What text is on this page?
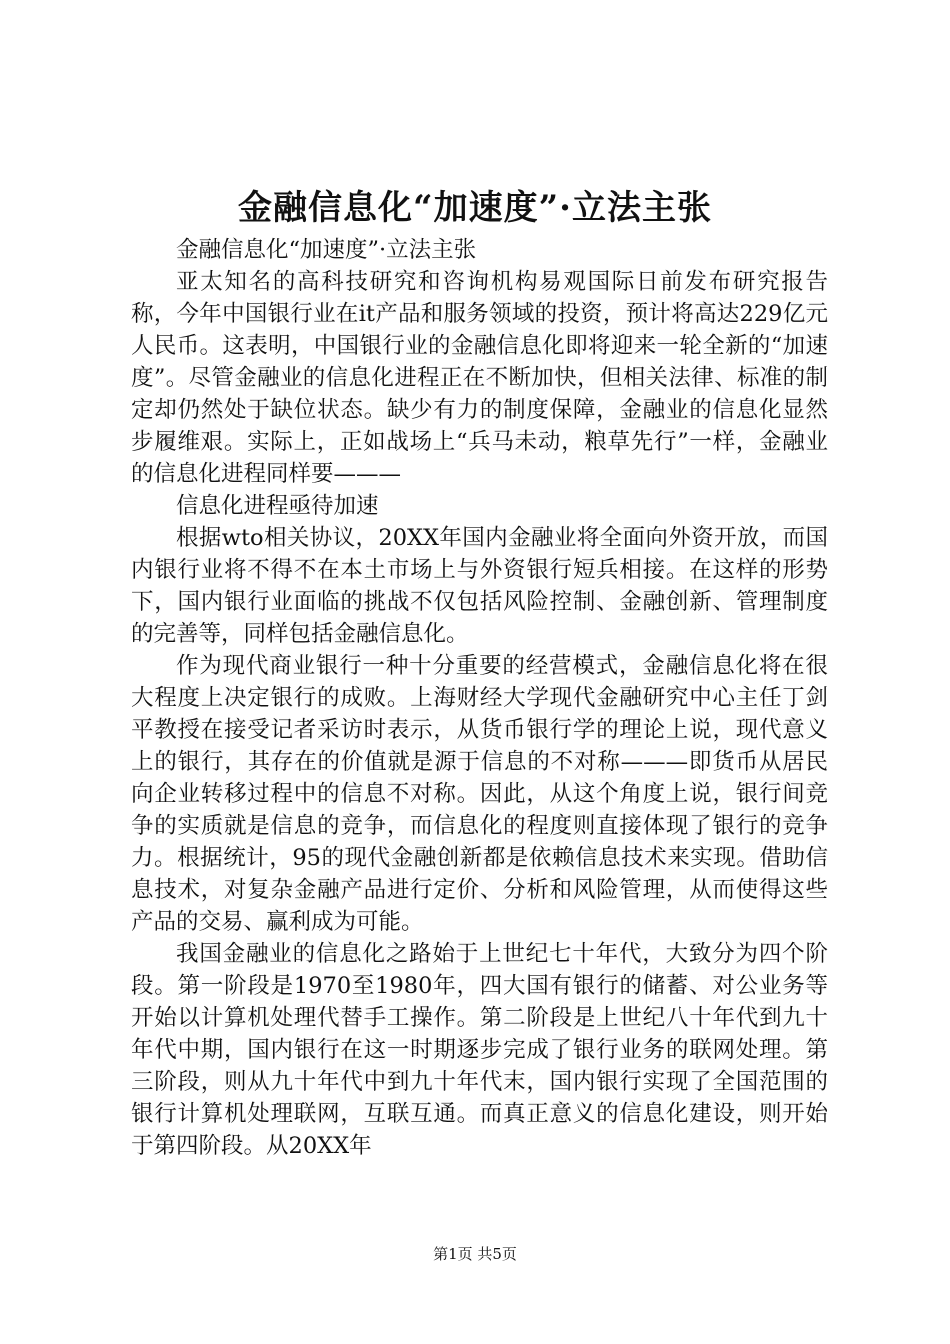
金融信息化“加速度”·立法主张

金融信息化“加速度”·立法主张

亚太知名的高科技研究和咨询机构易观国际日前发布研究报告称，今年中国银行业在it产品和服务领域的投资，预计将高达229亿元人民币。这表明，中国银行业的金融信息化即将迎来一轮全新的“加速度”。尽管金融业的信息化进程正在不断加快，但相关法律、标准的制定却仍然处于缺位状态。缺少有力的制度保障，金融业的信息化显然步履维艰。实际上，正如战场上“兵马未动，粮草先行”一样，金融业的信息化进程同样要———

信息化进程亟待加速

根据wto相关协议，20XX年国内金融业将全面向外资开放，而国内银行业将不得不在本土市场上与外资银行短兵相接。在这样的形势下，国内银行业面临的挑战不仅包括风险控制、金融创新、管理制度的完善等，同样包括金融信息化。

作为现代商业银行一种十分重要的经营模式，金融信息化将在很大程度上决定银行的成败。上海财经大学现代金融研究中心主任丁剑平教授在接受记者采访时表示，从货币银行学的理论上说，现代意义上的银行，其存在的价值就是源于信息的不对称———即货币从居民向企业转移过程中的信息不对称。因此，从这个角度上说，银行间竞争的实质就是信息的竞争，而信息化的程度则直接体现了银行的竞争力。根据统计，95的现代金融创新都是依赖信息技术来实现。借助信息技术，对复杂金融产品进行定价、分析和风险管理，从而使得这些产品的交易、赢利成为可能。

我国金融业的信息化之路始于上世纪七十年代，大致分为四个阶段。第一阶段是1970至1980年，四大国有银行的储蓄、对公业务等开始以计算机处理代替手工操作。第二阶段是上世纪八十年代到九十年代中期，国内银行在这一时期逐步完成了银行业务的联网处理。第三阶段，则从九十年代中到九十年代末，国内银行实现了全国范围的银行计算机处理联网，互联互通。而真正意义的信息化建设，则开始于第四阶段。从20XX年

第1页 共5页
